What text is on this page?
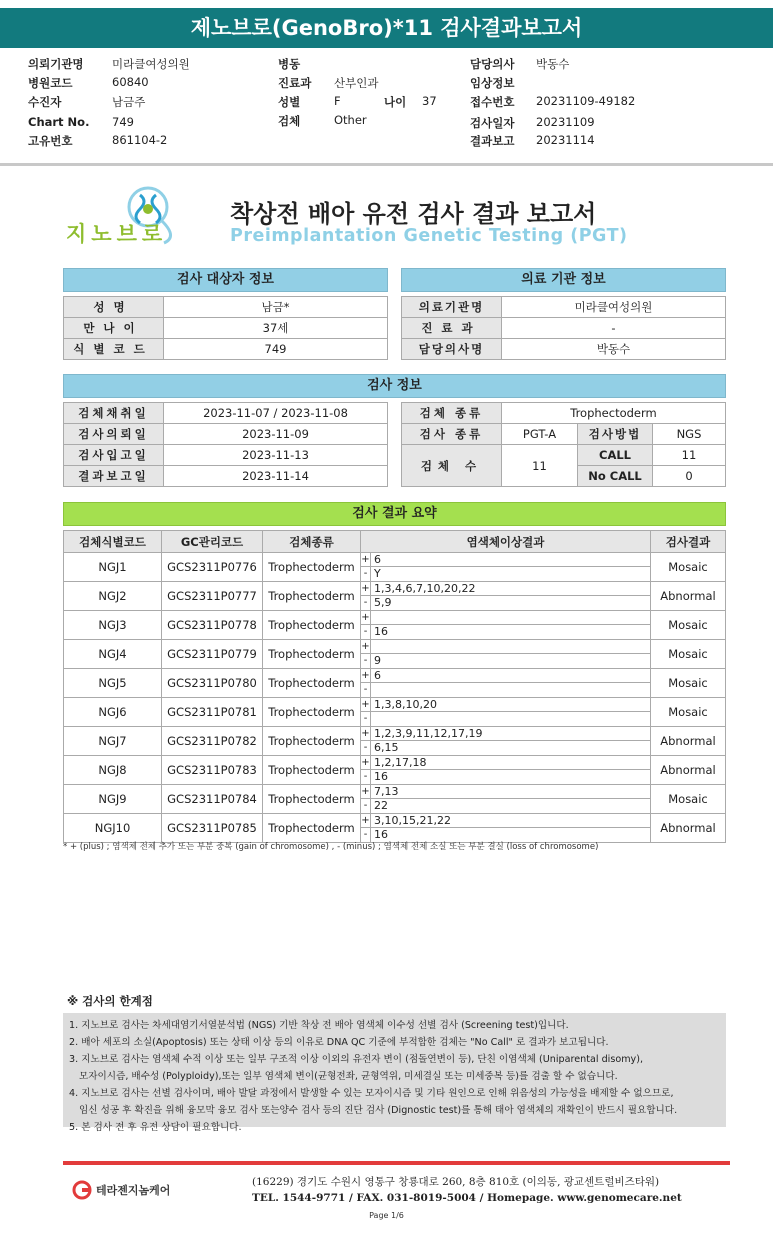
제노브로(GenoBro)*11 검사결과보고서
의뢰기관명 미라클여성의원
병원코드	60840
수진자	남금주
Chart No. 749
고유번호	861104-2
병동
진료과 산부인과
성별	F	나이 37
검체	Other
담당의사 박동수
임상정보
접수번호 20231109-49182
검사일자 20231109
결과보고 20231114
지노브로
착상전 배아 유전 검사 결과 보고서
Preimplantation Genetic Testing (PGT)
검사 대상자 정보	의료 기관 정보
성명	남금*
만나이	37세
식별코드	749
의료기관명	미라클여성의원
진료과	-
담당의사명	박동수
검사 정보
검체채취일	2023-11-07 / 2023-11-08
검사의뢰일	2023-11-09
검사입고일	2023-11-13
결과보고일	2023-11-14
검체 종류	Trophectoderm		
검사 종류	PGT-A	검사방법	NGS
검체 수	11	CALL	11
		No CALL	0
검사 결과 요약
검체식별코드	GC관리코드	검체종류	염색체이상결과	검사결과
NGJ1	GCS2311P0776	Trophectoderm	+ 6
- Y	Mosaic
NGJ2	GCS2311P0777	Trophectoderm	+ 1,3,4,6,7,10,20,22
- 5,9	Abnormal
NGJ3	GCS2311P0778	Trophectoderm	+
- 16	Mosaic
NGJ4	GCS2311P0779	Trophectoderm	+
- 9	Mosaic
NGJ5	GCS2311P0780	Trophectoderm	+ 6
-	Mosaic
NGJ6	GCS2311P0781	Trophectoderm	+ 1,3,8,10,20
-	Mosaic
NGJ7	GCS2311P0782	Trophectoderm	+ 1,2,3,9,11,12,17,19
- 6,15	Abnormal
NGJ8	GCS2311P0783	Trophectoderm	+ 1,2,17,18
- 16	Abnormal
NGJ9	GCS2311P0784	Trophectoderm	+ 7,13
- 22	Mosaic
NGJ10	GCS2311P0785	Trophectoderm	+ 3,10,15,21,22
- 16	Abnormal
* + (plus) ; 염색체 전체 추가 또는 부분 중복 (gain of chromosome) , - (minus) ; 염색체 전체 소실 또는 부분 결실 (loss of chromosome)
※ 검사의 한계점
1. 지노브로 검사는 차세대염기서열분석법 (NGS) 기반 착상 전 배아 염색체 이수성 선별 검사 (Screening test)입니다.
2. 배아 세포의 소실(Apoptosis) 또는 상태 이상 등의 이유로 DNA QC 기준에 부적합한 검체는 "No Call" 로 결과가 보고됩니다.
3. 지노브로 검사는 염색체 수적 이상 또는 일부 구조적 이상 이외의 유전자 변이 (점돌연변이 등), 단친 이염색체 (Uniparental disomy),
모자이시즘, 배수성 (Polyploidy),또는 일부 염색체 변이(균형전좌, 균형역위, 미세결실 또는 미세중복 등)를 검출 할 수 없습니다.
4. 지노브로 검사는 선별 검사이며, 배아 발달 과정에서 발생할 수 있는 모자이시즘 및 기타 원인으로 인해 위음성의 가능성을 배제할 수 없으므로,
임신 성공 후 확진을 위해 융모막 융모 검사 또는양수 검사 등의 진단 검사 (Dignostic test)를 통해 태아 염색체의 재확인이 반드시 필요합니다.
5. 본 검사 전 후 유전 상담이 필요합니다.
테라젠지놈케어
(16229) 경기도 수원시 영통구 창룡대로 260, 8층 810호 (이의동, 광교센트럴비즈타워)
TEL. 1544-9771 / FAX. 031-8019-5004 / Homepage. www.genomecare.net
Page 1/6
